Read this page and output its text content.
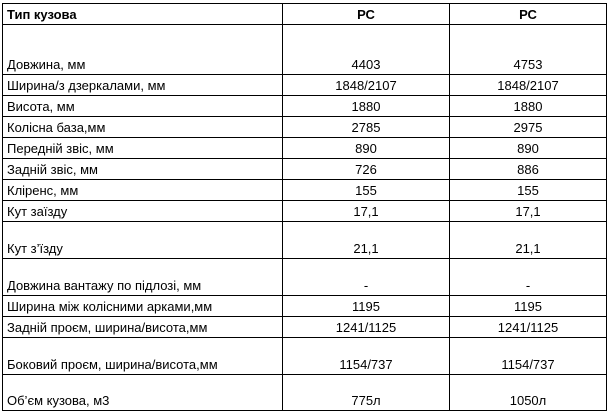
Тип кузова	РС	РС
Довжина, мм	4403	4753
Ширина/з дзеркалами, мм	1848/2107	1848/2107
Висота, мм	1880	1880
Колісна база,мм	2785	2975
Передній звіс, мм	890	890
Задній звіс, мм	726	886
Кліренс, мм	155	155
Кут заїзду	17,1	17,1
Кут з’їзду	21,1	21,1
Довжина вантажу по підлозі, мм	-	-
Ширина між колісними арками,мм	1195	1195
Задній проєм, ширина/висота,мм	1241/1125	1241/1125
Боковий проєм, ширина/висота,мм	1154/737	1154/737
Об’єм кузова, м3	775л	1050л
